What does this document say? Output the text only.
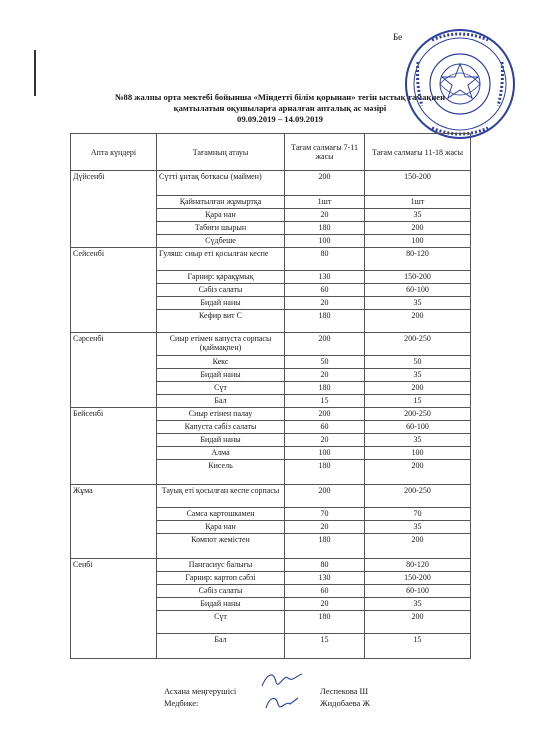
Бе
№88 жалпы орта мектебі бойынша «Міндетті білім қорынан» тегін ыстық тамақпен
қамтылатын оқушыларға арналған апталық ас мәзірі
09.09.2019 – 14.09.2019
Апта күндері	Тағамның атауы	Тағам салмағы 7-11 жасы	Тағам салмағы 11-18 жасы
Дүйсенбі	Сүтті ұнтақ боткасы (маймен)	200	150-200
	Қайнатылған жұмыртқа	1шт	1шт
	Қара нан	20	35
	Табиғи шырын	180	200
	Сүдбеше	100	100
Сейсенбі	Гуляш: сиыр еті қосылған кеспе	80	80-120
	Гарнир: қарақұмық	130	150-200
	Сәбіз салаты	60	60-100
	Бидай наны	20	35
	Кефир вит С	180	200
Сәрсенбі	Сиыр етімен капуста сорпасы (қаймақпен)	200	200-250
	Кекс	50	50
	Бидай наны	20	35
	Сүт	180	200
	Бал	15	15
Бейсенбі	Сиыр етінен палау	200	200-250
	Капуста сәбіз салаты	60	60-100
	Бидай наны	20	35
	Алма	100	100
	Кисель	180	200
Жұма	Тауық еті қосылған кеспе сорпасы	200	200-250
	Самса картошкамен	70	70
	Қара нан	20	35
	Компот жемістен	180	200
Сенбі	Пангасиус балығы	80	80-120
	Гарнир: картоп сәбзі	130	150-200
	Сәбіз салаты	60	60-100
	Бидай наны	20	35
	Сүт	180	200
	Бал	15	15
Асхана меңгерушісі	Леспекова Ш
Медбике:	Жидобаева Ж
